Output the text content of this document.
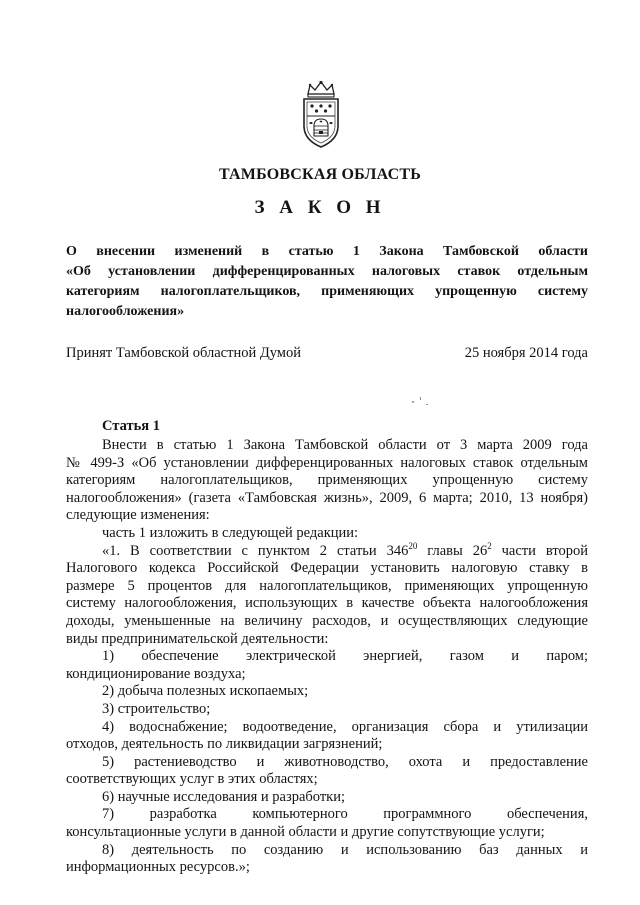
ТАМБОВСКАЯ ОБЛАСТЬ
З А К О Н
О внесении изменений в статью 1 Закона Тамбовской области
«Об установлении дифференцированных налоговых ставок отдельным
категориям налогоплательщиков, применяющих упрощенную систему
налогообложения»
Принят Тамбовской областной Думой	25 ноября 2014 года
Статья 1
Внести в статью 1 Закона Тамбовской области от 3 марта 2009 года
№ 499-З «Об установлении дифференцированных налоговых ставок отдельным
категориям налогоплательщиков, применяющих упрощенную систему
налогообложения» (газета «Тамбовская жизнь», 2009, 6 марта; 2010, 13 ноября)
следующие изменения:
часть 1 изложить в следующей редакции:
«1. В соответствии с пунктом 2 статьи $346^{20}$ главы $26^2$ части второй
Налогового кодекса Российской Федерации установить налоговую ставку в
размере 5 процентов для налогоплательщиков, применяющих упрощенную
систему налогообложения, использующих в качестве объекта налогообложения
доходы, уменьшенные на величину расходов, и осуществляющих следующие
виды предпринимательской деятельности:
1) обеспечение электрической энергией, газом и паром;
кондиционирование воздуха;
2) добыча полезных ископаемых;
3) строительство;
4) водоснабжение; водоотведение, организация сбора и утилизации
отходов, деятельность по ликвидации загрязнений;
5) растениеводство и животноводство, охота и предоставление
соответствующих услуг в этих областях;
6) научные исследования и разработки;
7) разработка компьютерного программного обеспечения,
консультационные услуги в данной области и другие сопутствующие услуги;
8) деятельность по созданию и использованию баз данных и
информационных ресурсов.»;
